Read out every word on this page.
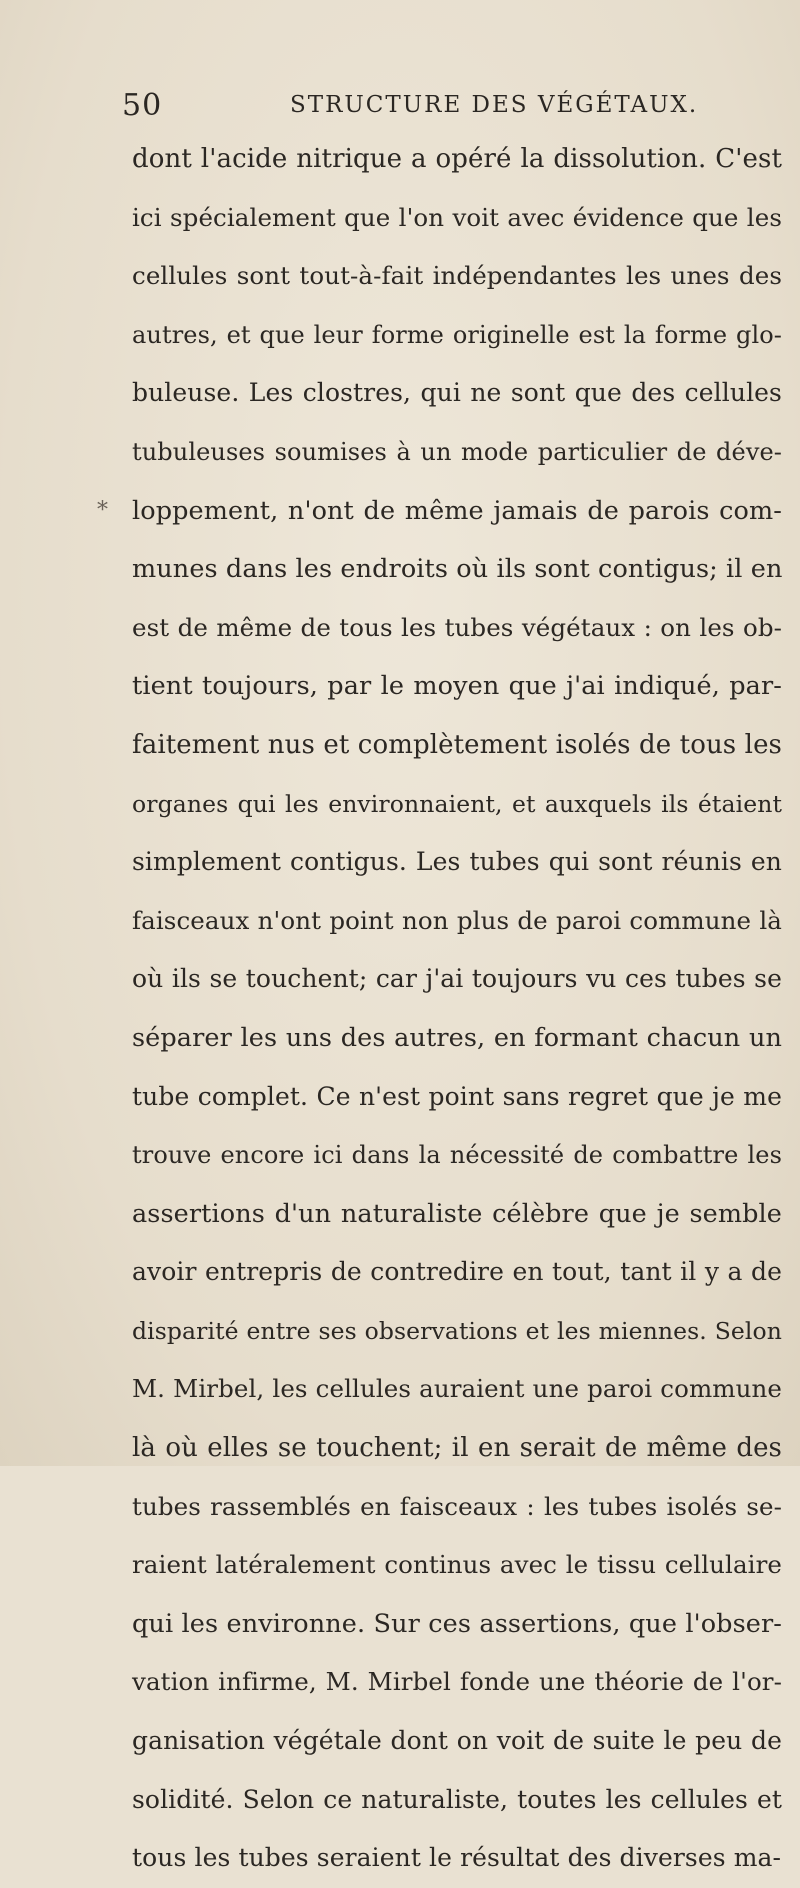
50	STRUCTURE DES VÉGÉTAUX.
*
dont l'acide nitrique a opéré la dissolution. C'est
ici spécialement que l'on voit avec évidence que les
cellules sont tout-à-fait indépendantes les unes des
autres, et que leur forme originelle est la forme glo-
buleuse. Les clostres, qui ne sont que des cellules
tubuleuses soumises à un mode particulier de déve-
loppement, n'ont de même jamais de parois com-
munes dans les endroits où ils sont contigus; il en
est de même de tous les tubes végétaux : on les ob-
tient toujours, par le moyen que j'ai indiqué, par-
faitement nus et complètement isolés de tous les
organes qui les environnaient, et auxquels ils étaient
simplement contigus. Les tubes qui sont réunis en
faisceaux n'ont point non plus de paroi commune là
où ils se touchent; car j'ai toujours vu ces tubes se
séparer les uns des autres, en formant chacun un
tube complet. Ce n'est point sans regret que je me
trouve encore ici dans la nécessité de combattre les
assertions d'un naturaliste célèbre que je semble
avoir entrepris de contredire en tout, tant il y a de
disparité entre ses observations et les miennes. Selon
M. Mirbel, les cellules auraient une paroi commune
là où elles se touchent; il en serait de même des
tubes rassemblés en faisceaux : les tubes isolés se-
raient latéralement continus avec le tissu cellulaire
qui les environne. Sur ces assertions, que l'obser-
vation infirme, M. Mirbel fonde une théorie de l'or-
ganisation végétale dont on voit de suite le peu de
solidité. Selon ce naturaliste, toutes les cellules et
tous les tubes seraient le résultat des diverses ma-
